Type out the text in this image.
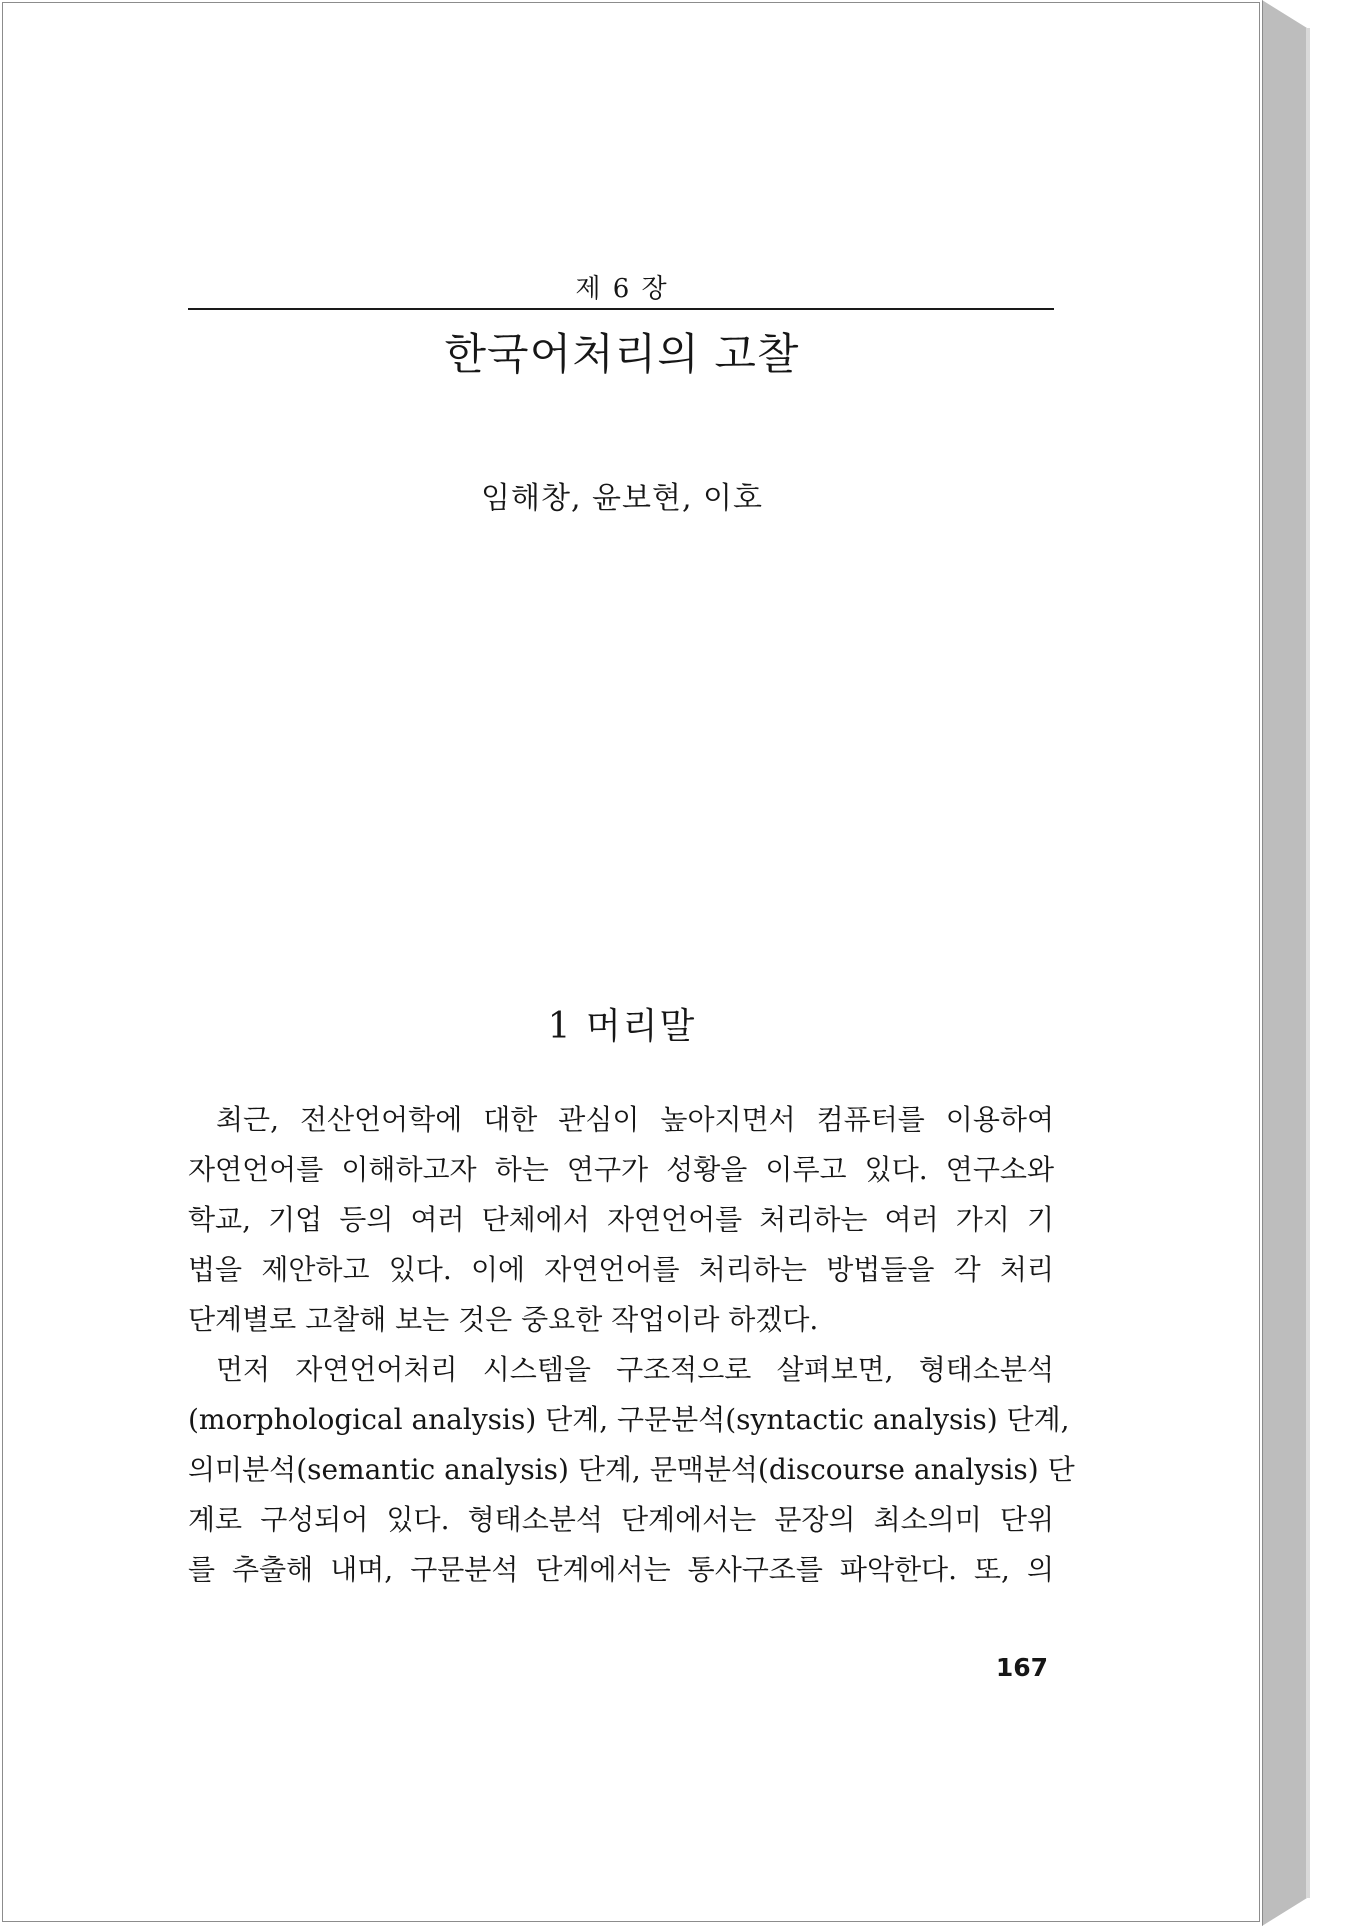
제 6 장
한국어처리의 고찰
임해창, 윤보현, 이호
1 머리말
최근, 전산언어학에 대한 관심이 높아지면서 컴퓨터를 이용하여
자연언어를 이해하고자 하는 연구가 성황을 이루고 있다. 연구소와
학교, 기업 등의 여러 단체에서 자연언어를 처리하는 여러 가지 기
법을 제안하고 있다. 이에 자연언어를 처리하는 방법들을 각 처리
단계별로 고찰해 보는 것은 중요한 작업이라 하겠다.
먼저 자연언어처리 시스템을 구조적으로 살펴보면, 형태소분석
(morphological analysis) 단계, 구문분석(syntactic analysis) 단계,
의미분석(semantic analysis) 단계, 문맥분석(discourse analysis) 단
계로 구성되어 있다. 형태소분석 단계에서는 문장의 최소의미 단위
를 추출해 내며, 구문분석 단계에서는 통사구조를 파악한다. 또, 의
167
